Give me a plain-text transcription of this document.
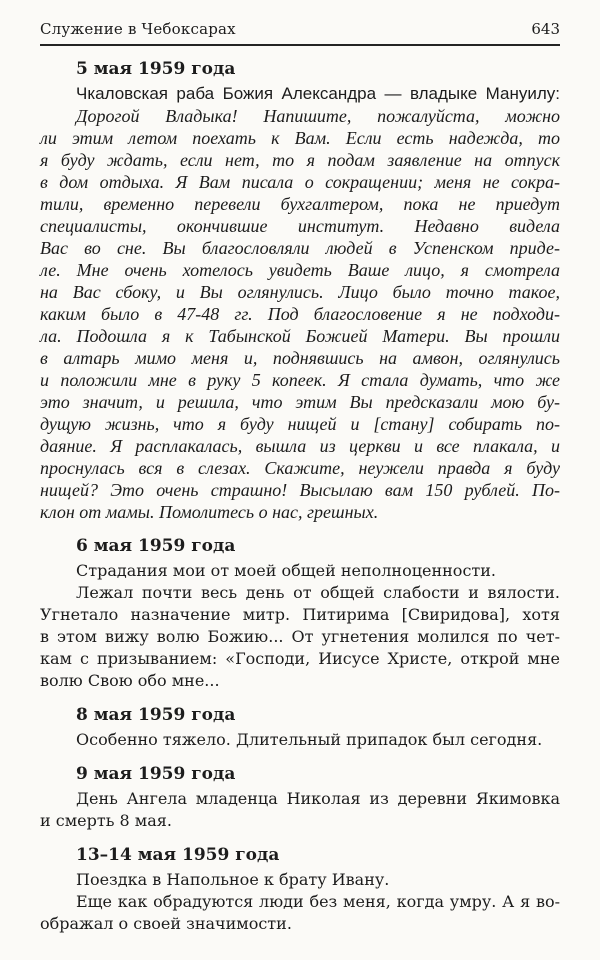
Служение в Чебоксарах	643
5 мая 1959 года
Чкаловская раба Божия Александра — владыке Мануилу:
Дорогой Владыка! Напишите, пожалуйста, можно
ли этим летом поехать к Вам. Если есть надежда, то
я буду ждать, если нет, то я подам заявление на отпуск
в дом отдыха. Я Вам писала о сокращении; меня не сокра-
тили, временно перевели бухгалтером, пока не приедут
специалисты, окончившие институт. Недавно видела
Вас во сне. Вы благословляли людей в Успенском приде-
ле. Мне очень хотелось увидеть Ваше лицо, я смотрела
на Вас сбоку, и Вы оглянулись. Лицо было точно такое,
каким было в 47-48 гг. Под благословение я не подходи-
ла. Подошла я к Табынской Божией Матери. Вы прошли
в алтарь мимо меня и, поднявшись на амвон, оглянулись
и положили мне в руку 5 копеек. Я стала думать, что же
это значит, и решила, что этим Вы предсказали мою бу-
дущую жизнь, что я буду нищей и [стану] собирать по-
даяние. Я расплакалась, вышла из церкви и все плакала, и
проснулась вся в слезах. Скажите, неужели правда я буду
нищей? Это очень страшно! Высылаю вам 150 рублей. По-
клон от мамы. Помолитесь о нас, грешных.
6 мая 1959 года
Страдания мои от моей общей неполноценности.
Лежал почти весь день от общей слабости и вялости.
Угнетало назначение митр. Питирима [Свиридова], хотя
в этом вижу волю Божию... От угнетения молился по чет-
кам с призыванием: «Господи, Иисусе Христе, открой мне
волю Свою обо мне...
8 мая 1959 года
Особенно тяжело. Длительный припадок был сегодня.
9 мая 1959 года
День Ангела младенца Николая из деревни Якимовка
и смерть 8 мая.
13–14 мая 1959 года
Поездка в Напольное к брату Ивану.
Еще как обрадуются люди без меня, когда умру. А я во-
ображал о своей значимости.
